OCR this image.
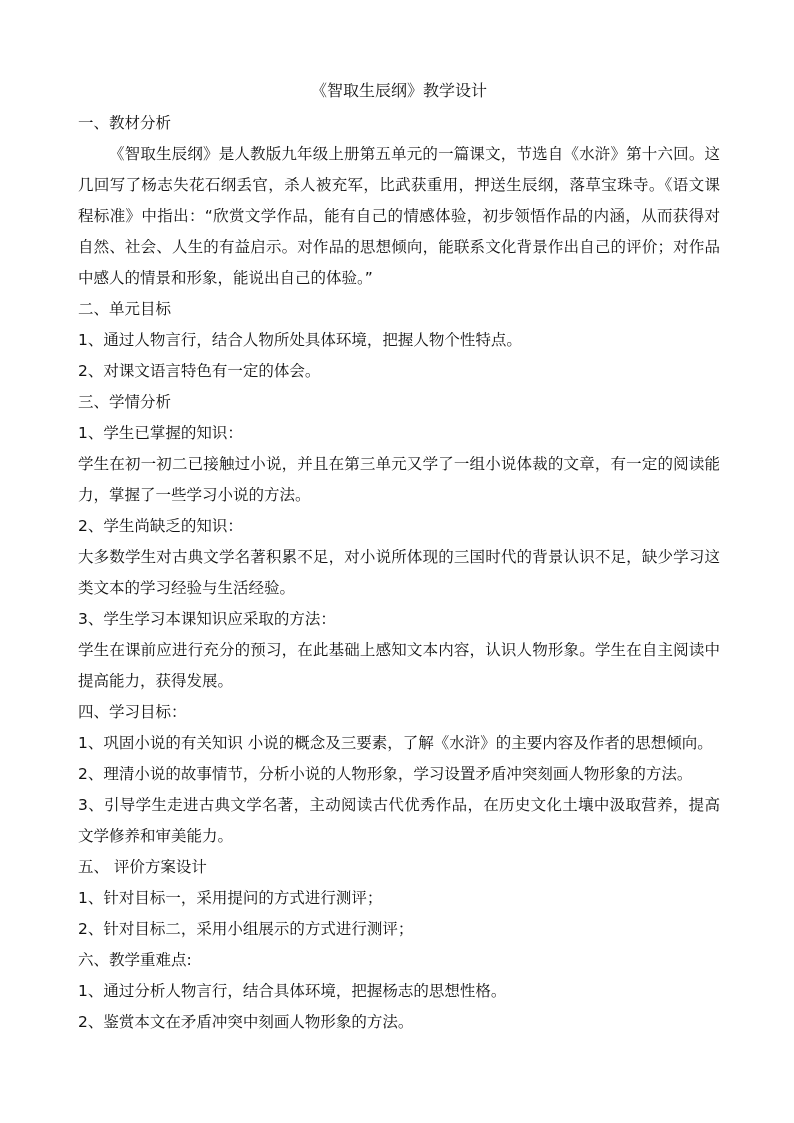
《智取生辰纲》教学设计
一、教材分析

《智取生辰纲》是人教版九年级上册第五单元的一篇课文，节选自《水浒》第十六回。这几回写了杨志失花石纲丢官，杀人被充军，比武获重用，押送生辰纲，落草宝珠寺。《语文课程标准》中指出：“欣赏文学作品，能有自己的情感体验，初步领悟作品的内涵，从而获得对自然、社会、人生的有益启示。对作品的思想倾向，能联系文化背景作出自己的评价；对作品中感人的情景和形象，能说出自己的体验。”

二、单元目标

1、通过人物言行，结合人物所处具体环境，把握人物个性特点。

2、对课文语言特色有一定的体会。

三、学情分析

1、学生已掌握的知识：

学生在初一初二已接触过小说，并且在第三单元又学了一组小说体裁的文章，有一定的阅读能力，掌握了一些学习小说的方法。

2、学生尚缺乏的知识：

大多数学生对古典文学名著积累不足，对小说所体现的三国时代的背景认识不足，缺少学习这类文本的学习经验与生活经验。

3、学生学习本课知识应采取的方法：

学生在课前应进行充分的预习，在此基础上感知文本内容，认识人物形象。学生在自主阅读中提高能力，获得发展。

四、学习目标：

1、巩固小说的有关知识 小说的概念及三要素，了解《水浒》的主要内容及作者的思想倾向。

2、理清小说的故事情节，分析小说的人物形象，学习设置矛盾冲突刻画人物形象的方法。

3、引导学生走进古典文学名著，主动阅读古代优秀作品，在历史文化土壤中汲取营养，提高文学修养和审美能力。

五、 评价方案设计

1、针对目标一，采用提问的方式进行测评；

2、针对目标二，采用小组展示的方式进行测评；

六、教学重难点:

1、通过分析人物言行，结合具体环境，把握杨志的思想性格。

2、鉴赏本文在矛盾冲突中刻画人物形象的方法。
